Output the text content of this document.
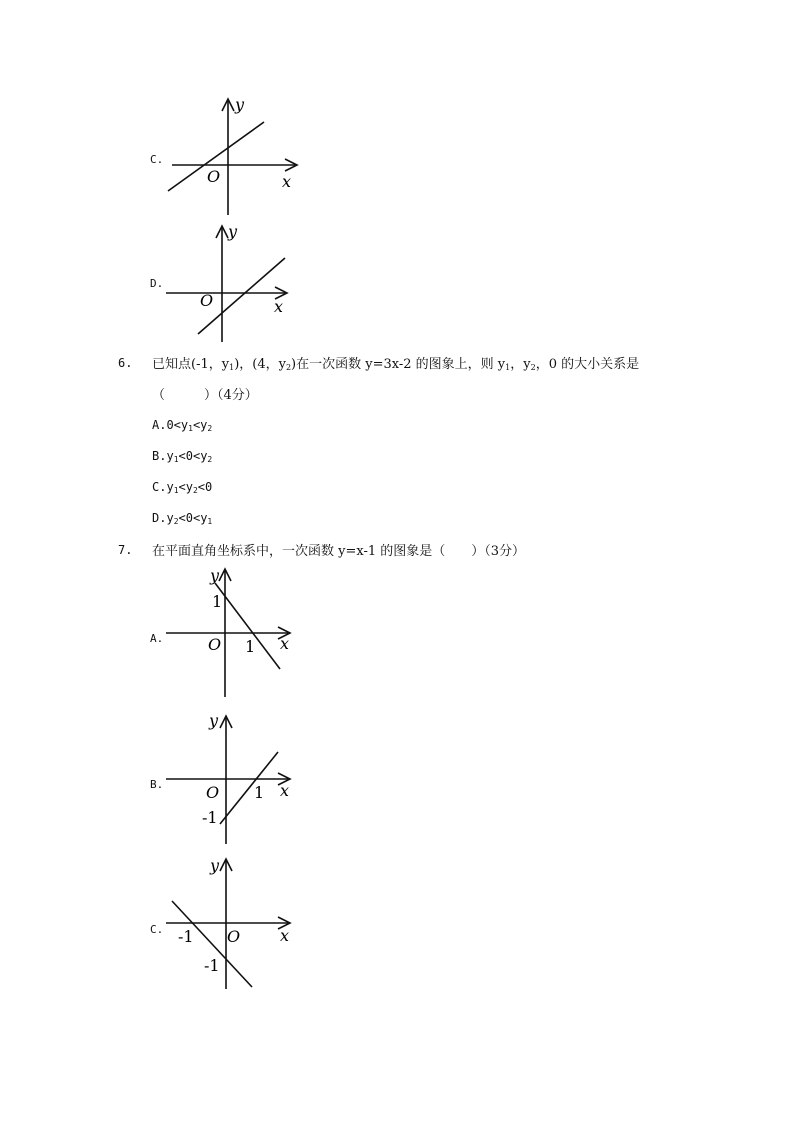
C.
y
x
O
D.
y
x
O
6. 已知点(-1，$y_1$)，(4，$y_2$)在一次函数 y=3x-2 的图象上，则 $y_1$，$y_2$，0 的大小关系是
（　　　）（4分）
$A.0<y_1<y_2$
$B.y_1<0<y_2$
$C.y_1<y_2<0$
$D.y_2<0<y_1$
7. 在平面直角坐标系中，一次函数 y=x-1 的图象是（　　）（3分）
A.
y
x
O
1
1
B.
y
x
O
-1
1
C.
y
x
O
-1
-1
